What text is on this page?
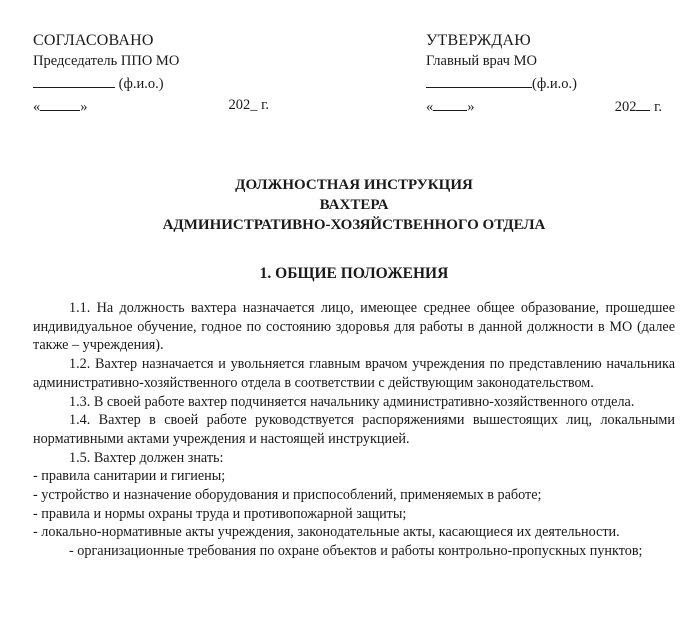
СОГЛАСОВАНО
Председатель ППО МО
(ф.и.о.)
«	»	202_ г.
УТВЕРЖДАЮ
Главный врач МО
(ф.и.о.)
« »	202 г.
ДОЛЖНОСТНАЯ ИНСТРУКЦИЯ
ВАХТЕРА
АДМИНИСТРАТИВНО-ХОЗЯЙСТВЕННОГО ОТДЕЛА
1. ОБЩИЕ ПОЛОЖЕНИЯ

1.1. На должность вахтера назначается лицо, имеющее среднее общее образование, прошедшее индивидуальное обучение, годное по состоянию здоровья для работы в данной должности в МО (далее также – учреждения).

1.2. Вахтер назначается и увольняется главным врачом учреждения по представлению начальника административно-хозяйственного отдела в соответствии с действующим законодательством.

1.3. В своей работе вахтер подчиняется начальнику административно-хозяйственного отдела.

1.4. Вахтер в своей работе руководствуется распоряжениями вышестоящих лиц, локальными нормативными актами учреждения и настоящей инструкцией.

1.5. Вахтер должен знать:

- правила санитарии и гигиены;

- устройство и назначение оборудования и приспособлений, применяемых в работе;

- правила и нормы охраны труда и противопожарной защиты;

- локально-нормативные акты учреждения, законодательные акты, касающиеся их деятельности.

- организационные требования по охране объектов и работы контрольно-пропускных пунктов;
